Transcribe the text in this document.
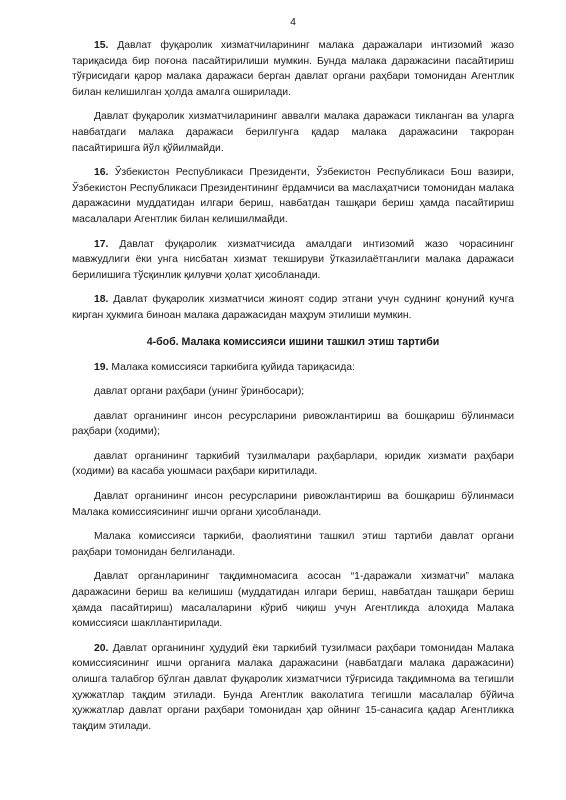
4

15. Давлат фуқаролик хизматчиларининг малака даражалари интизомий жазо тариқасида бир поғона пасайтирилиши мумкин. Бунда малака даражасини пасайтириш тўғрисидаги қарор малака даражаси берган давлат органи раҳбари томонидан Агентлик билан келишилган ҳолда амалга оширилади.

Давлат фуқаролик хизматчиларининг аввалги малака даражаси тикланган ва уларга навбатдаги малака даражаси берилгунга қадар малака даражасини такроран пасайтиришга йўл қўйилмайди.

16. Ўзбекистон Республикаси Президенти, Ўзбекистон Республикаси Бош вазири, Ўзбекистон Республикаси Президентининг ёрдамчиси ва маслаҳатчиси томонидан малака даражасини муддатидан илгари бериш, навбатдан ташқари бериш ҳамда пасайтириш масалалари Агентлик билан келишилмайди.

17. Давлат фуқаролик хизматчисида амалдаги интизомий жазо чорасининг мавжудлиги ёки унга нисбатан хизмат текшируви ўтказилаётганлиги малака даражаси берилишига тўсқинлик қилувчи ҳолат ҳисобланади.

18. Давлат фуқаролик хизматчиси жиноят содир этгани учун суднинг қонуний кучга кирган ҳукмига биноан малака даражасидан маҳрум этилиши мумкин.

4-боб. Малака комиссияси ишини ташкил этиш тартиби

19. Малака комиссияси таркибига қуйида тариқасида:

давлат органи раҳбари (унинг ўринбосари);

давлат органининг инсон ресурсларини ривожлантириш ва бошқариш бўлинмаси раҳбари (ходими);

давлат органининг таркибий тузилмалари раҳбарлари, юридик хизмати раҳбари (ходими) ва касаба уюшмаси раҳбари киритилади.

Давлат органининг инсон ресурсларини ривожлантириш ва бошқариш бўлинмаси Малака комиссиясининг ишчи органи ҳисобланади.

Малака комиссияси таркиби, фаолиятини ташкил этиш тартиби давлат органи раҳбари томонидан белгиланади.

Давлат органларининг тақдимномасига асосан “1-даражали хизматчи” малака даражасини бериш ва келишиш (муддатидан илгари бериш, навбатдан ташқари бериш ҳамда пасайтириш) масалаларини кўриб чиқиш учун Агентликда алоҳида Малака комиссияси шакллантирилади.

20. Давлат органининг ҳудудий ёки таркибий тузилмаси раҳбари томонидан Малака комиссиясининг ишчи органига малака даражасини (навбатдаги малака даражасини) олишга талабгор бўлган давлат фуқаролик хизматчиси тўғрисида тақдимнома ва тегишли ҳужжатлар тақдим этилади. Бунда Агентлик ваколатига тегишли масалалар бўйича ҳужжатлар давлат органи раҳбари томонидан ҳар ойнинг 15-санасига қадар Агентликка тақдим этилади.
